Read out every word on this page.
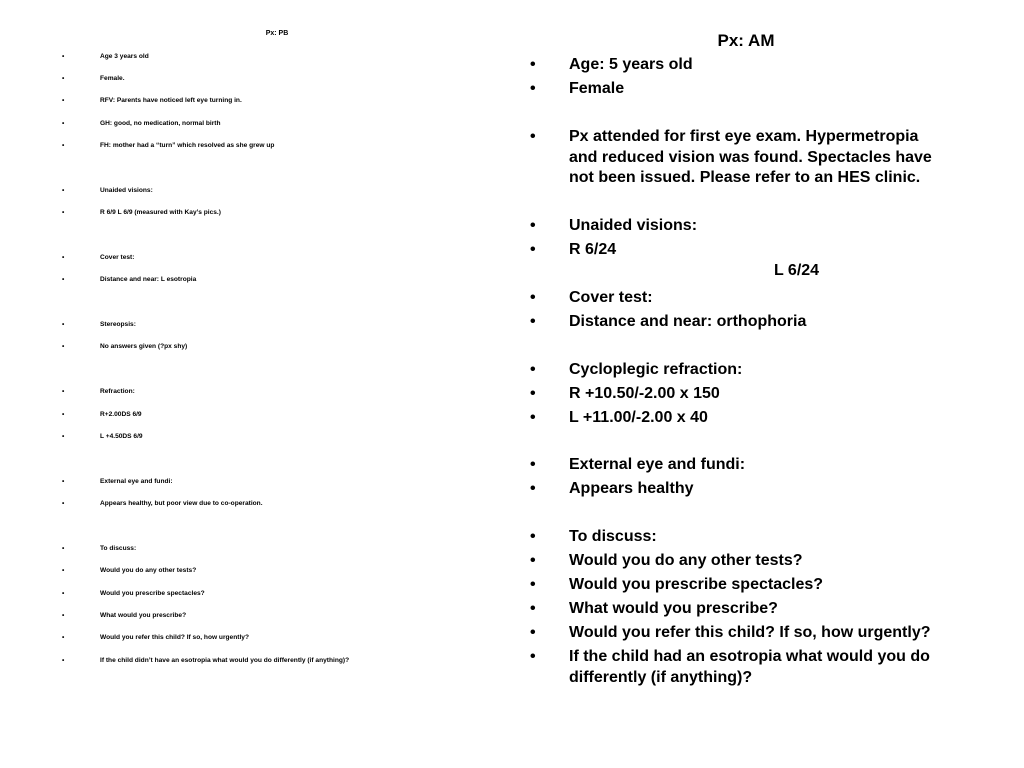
Px: PB
•	Age 3 years old
•	Female.
•	RFV: Parents have noticed left eye turning in.
•	GH: good, no medication, normal birth
•	FH: mother had a “turn” which resolved as she grew up
•	Unaided visions:
•	R 6/9 L 6/9 (measured with Kay’s pics.)
•	Cover test:
•	Distance and near: L esotropia
•	Stereopsis:
•	No answers given (?px shy)
•	Refraction:
•	R+2.00DS 6/9
•	L +4.50DS 6/9
•	External eye and fundi:
•	Appears healthy, but poor view due to co-operation.
•	To discuss:
•	Would you do any other tests?
•	Would you prescribe spectacles?
•	What would you prescribe?
•	Would you refer this child? If so, how urgently?
•	If the child didn’t have an esotropia what would you do differently (if anything)?
Px: AM
• Age: 5 years old
• Female
• Px attended for first eye exam. Hypermetropia and reduced vision was found. Spectacles have not been issued. Please refer to an HES clinic.
• Unaided visions:
• R 6/24
L 6/24
• Cover test:
• Distance and near: orthophoria
• Cycloplegic refraction:
• R +10.50/-2.00 x 150
• L +11.00/-2.00 x 40
• External eye and fundi:
• Appears healthy
• To discuss:
• Would you do any other tests?
• Would you prescribe spectacles?
• What would you prescribe?
• Would you refer this child? If so, how urgently?
• If the child had an esotropia what would you do differently (if anything)?
